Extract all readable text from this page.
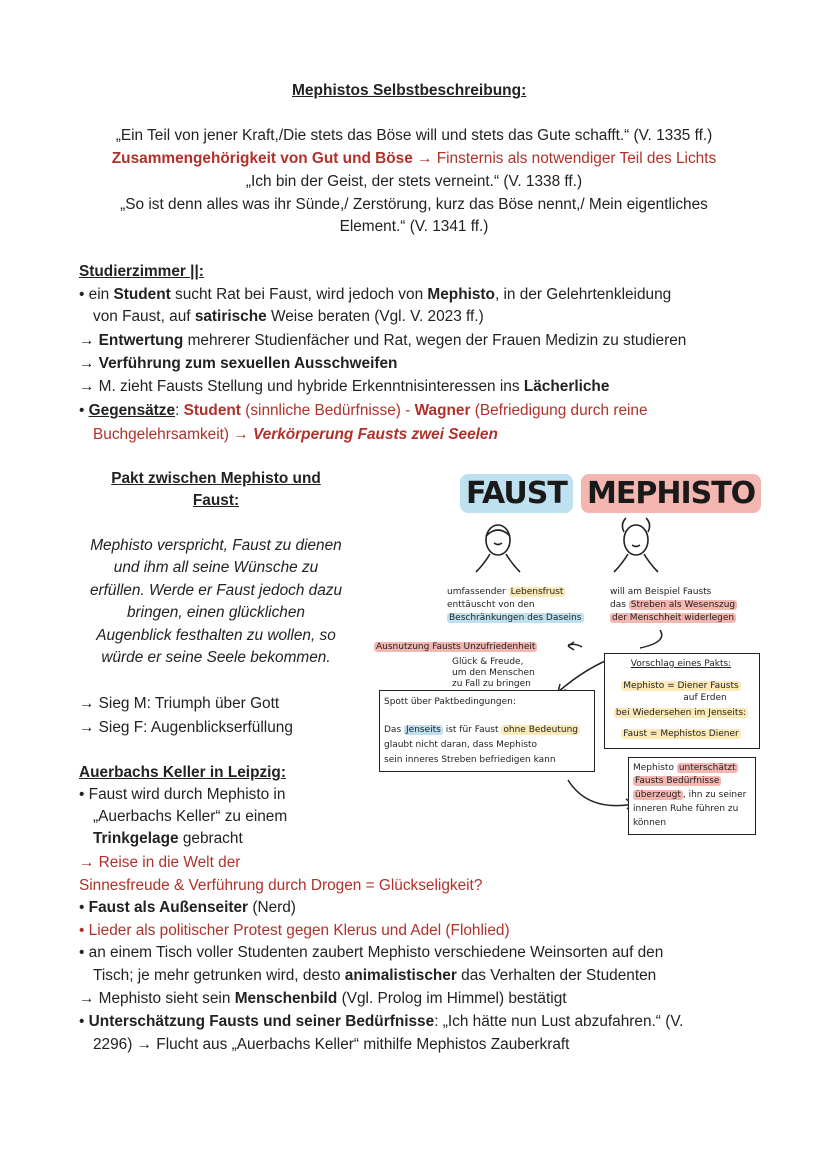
Mephistos Selbstbeschreibung:
„Ein Teil von jener Kraft,/Die stets das Böse will und stets das Gute schafft.“ (V. 1335 ff.)
Zusammengehörigkeit von Gut und Böse → Finsternis als notwendiger Teil des Lichts
„Ich bin der Geist, der stets verneint.“ (V. 1338 ff.)
„So ist denn alles was ihr Sünde,/ Zerstörung, kurz das Böse nennt,/ Mein eigentliches
Element.“ (V. 1341 ff.)
Studierzimmer ||:
• ein Student sucht Rat bei Faust, wird jedoch von Mephisto, in der Gelehrtenkleidung
von Faust, auf satirische Weise beraten (Vgl. V. 2023 ff.)
→ Entwertung mehrerer Studienfächer und Rat, wegen der Frauen Medizin zu studieren
→ Verführung zum sexuellen Ausschweifen
→ M. zieht Fausts Stellung und hybride Erkenntnisinteressen ins Lächerliche
• Gegensätze: Student (sinnliche Bedürfnisse) - Wagner (Befriedigung durch reine
Buchgelehrsamkeit) → Verkörperung Fausts zwei Seelen
Pakt zwischen Mephisto und
Faust:
Mephisto verspricht, Faust zu dienen
und ihm all seine Wünsche zu
erfüllen. Werde er Faust jedoch dazu
bringen, einen glücklichen
Augenblick festhalten zu wollen, so
würde er seine Seele bekommen.
→ Sieg M: Triumph über Gott
→ Sieg F: Augenblickserfüllung
FAUST MEPHISTO
umfassender Lebensfrust
enttäuscht von den
Beschränkungen des Daseins
will am Beispiel Fausts
das Streben als Wesenszug
der Menschheit widerlegen
Ausnutzung Fausts Unzufriedenheit
Glück & Freude,
um den Menschen
zu Fall zu bringen
Spott über Paktbedingungen:
Das Jenseits ist für Faust ohne Bedeutung
glaubt nicht daran, dass Mephisto
sein inneres Streben befriedigen kann
Vorschlag eines Pakts:
Mephisto = Diener Fausts
auf Erden
bei Wiedersehen im Jenseits:
Faust = Mephistos Diener
Mephisto unterschätzt
Fausts Bedürfnisse
überzeugt , ihn zu seiner
inneren Ruhe führen zu
können
Auerbachs Keller in Leipzig:
• Faust wird durch Mephisto in
„Auerbachs Keller“ zu einem
Trinkgelage gebracht
→ Reise in die Welt der
Sinnesfreude & Verführung durch Drogen = Glückseligkeit?
• Faust als Außenseiter (Nerd)
• Lieder als politischer Protest gegen Klerus und Adel (Flohlied)
• an einem Tisch voller Studenten zaubert Mephisto verschiedene Weinsorten auf den
Tisch; je mehr getrunken wird, desto animalistischer das Verhalten der Studenten
→ Mephisto sieht sein Menschenbild (Vgl. Prolog im Himmel) bestätigt
• Unterschätzung Fausts und seiner Bedürfnisse: „Ich hätte nun Lust abzufahren.“ (V.
2296) → Flucht aus „Auerbachs Keller“ mithilfe Mephistos Zauberkraft
